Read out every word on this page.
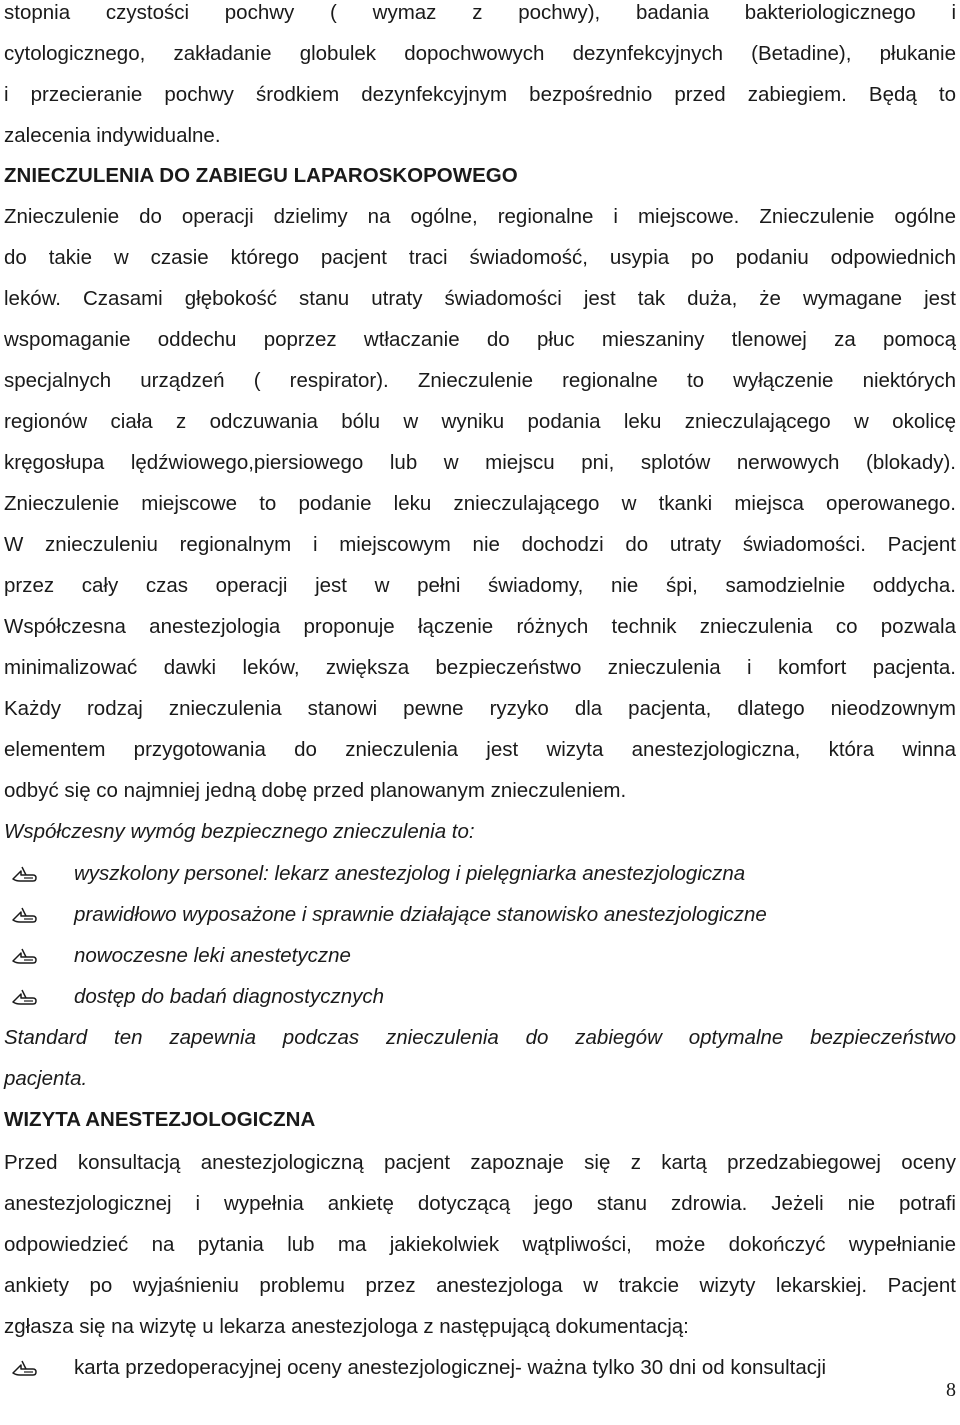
stopnia czystości pochwy ( wymaz z pochwy), badania bakteriologicznego i
cytologicznego, zakładanie globulek dopochwowych dezynfekcyjnych (Betadine), płukanie
i przecieranie pochwy środkiem dezynfekcyjnym bezpośrednio przed zabiegiem. Będą to
zalecenia indywidualne.
ZNIECZULENIA DO ZABIEGU LAPAROSKOPOWEGO
Znieczulenie do operacji dzielimy na ogólne, regionalne i miejscowe. Znieczulenie ogólne
do takie w czasie którego pacjent traci świadomość, usypia po podaniu odpowiednich
leków. Czasami głębokość stanu utraty świadomości jest tak duża, że wymagane jest
wspomaganie oddechu poprzez wtłaczanie do płuc mieszaniny tlenowej za pomocą
specjalnych urządzeń ( respirator). Znieczulenie regionalne to wyłączenie niektórych
regionów ciała z odczuwania bólu w wyniku podania leku znieczulającego w okolicę
kręgosłupa lędźwiowego,piersiowego lub w miejscu pni, splotów nerwowych (blokady).
Znieczulenie miejscowe to podanie leku znieczulającego w tkanki miejsca operowanego.
W znieczuleniu regionalnym i miejscowym nie dochodzi do utraty świadomości. Pacjent
przez cały czas operacji jest w pełni świadomy, nie śpi, samodzielnie oddycha.
Współczesna anestezjologia proponuje łączenie różnych technik znieczulenia co pozwala
minimalizować dawki leków, zwiększa bezpieczeństwo znieczulenia i komfort pacjenta.
Każdy rodzaj znieczulenia stanowi pewne ryzyko dla pacjenta, dlatego nieodzownym
elementem przygotowania do znieczulenia jest wizyta anestezjologiczna, która winna
odbyć się co najmniej jedną dobę przed planowanym znieczuleniem.
Współczesny wymóg bezpiecznego znieczulenia to:
wyszkolony personel: lekarz anestezjolog i pielęgniarka anestezjologiczna
prawidłowo wyposażone i sprawnie działające stanowisko anestezjologiczne
nowoczesne leki anestetyczne
dostęp do badań diagnostycznych
Standard ten zapewnia podczas znieczulenia do zabiegów optymalne bezpieczeństwo
pacjenta.
WIZYTA ANESTEZJOLOGICZNA
Przed konsultacją anestezjologiczną pacjent zapoznaje się z kartą przedzabiegowej oceny
anestezjologicznej i wypełnia ankietę dotyczącą jego stanu zdrowia. Jeżeli nie potrafi
odpowiedzieć na pytania lub ma jakiekolwiek wątpliwości, może dokończyć wypełnianie
ankiety po wyjaśnieniu problemu przez anestezjologa w trakcie wizyty lekarskiej. Pacjent
zgłasza się na wizytę u lekarza anestezjologa z następującą dokumentacją:
karta przedoperacyjnej oceny anestezjologicznej- ważna tylko 30 dni od konsultacji
8
